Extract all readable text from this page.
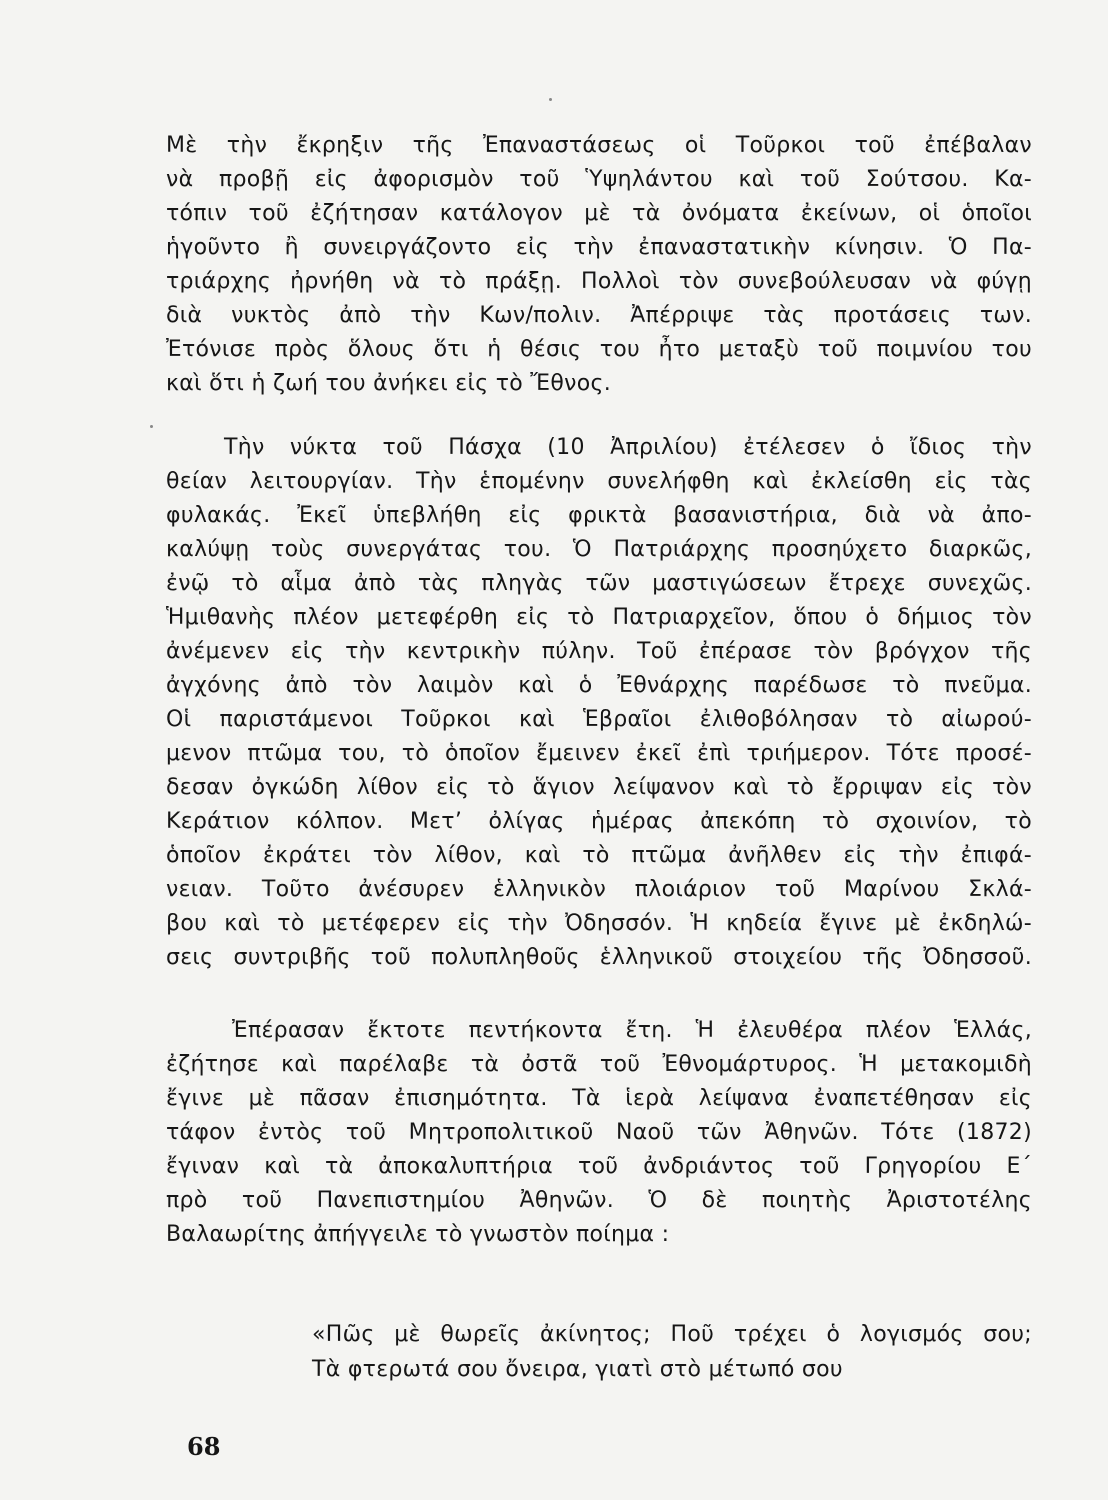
Μὲ τὴν ἔκρηξιν τῆς Ἐπαναστάσεως οἱ Τοῦρκοι τοῦ ἐπέβαλαν
νὰ προβῇ εἰς ἀφορισμὸν τοῦ Ὑψηλάντου καὶ τοῦ Σούτσου. Κα-
τόπιν τοῦ ἐζήτησαν κατάλογον μὲ τὰ ὀνόματα ἐκείνων, οἱ ὁποῖοι
ἡγοῦντο ἢ συνειργάζοντο εἰς τὴν ἐπαναστατικὴν κίνησιν. Ὁ Πα-
τριάρχης ἠρνήθη νὰ τὸ πράξῃ. Πολλοὶ τὸν συνεβούλευσαν νὰ φύγῃ
διὰ νυκτὸς ἀπὸ τὴν Κων/πολιν. Ἀπέρριψε τὰς προτάσεις των.
Ἐτόνισε πρὸς ὅλους ὅτι ἡ θέσις του ἦτο μεταξὺ τοῦ ποιμνίου του
καὶ ὅτι ἡ ζωή του ἀνήκει εἰς τὸ Ἔθνος.
Τὴν νύκτα τοῦ Πάσχα (10 Ἀπριλίου) ἐτέλεσεν ὁ ἴδιος τὴν
θείαν λειτουργίαν. Τὴν ἑπομένην συνελήφθη καὶ ἐκλείσθη εἰς τὰς
φυλακάς. Ἐκεῖ ὑπεβλήθη εἰς φρικτὰ βασανιστήρια, διὰ νὰ ἀπο-
καλύψῃ τοὺς συνεργάτας του. Ὁ Πατριάρχης προσηύχετο διαρκῶς,
ἐνῷ τὸ αἷμα ἀπὸ τὰς πληγὰς τῶν μαστιγώσεων ἔτρεχε συνεχῶς.
Ἡμιθανὴς πλέον μετεφέρθη εἰς τὸ Πατριαρχεῖον, ὅπου ὁ δήμιος τὸν
ἀνέμενεν εἰς τὴν κεντρικὴν πύλην. Τοῦ ἐπέρασε τὸν βρόγχον τῆς
ἀγχόνης ἀπὸ τὸν λαιμὸν καὶ ὁ Ἐθνάρχης παρέδωσε τὸ πνεῦμα.
Οἱ παριστάμενοι Τοῦρκοι καὶ Ἑβραῖοι ἐλιθοβόλησαν τὸ αἰωρού-
μενον πτῶμα του, τὸ ὁποῖον ἔμεινεν ἐκεῖ ἐπὶ τριήμερον. Τότε προσέ-
δεσαν ὀγκώδη λίθον εἰς τὸ ἅγιον λείψανον καὶ τὸ ἔρριψαν εἰς τὸν
Κεράτιον κόλπον. Μετ’ ὀλίγας ἡμέρας ἀπεκόπη τὸ σχοινίον, τὸ
ὁποῖον ἐκράτει τὸν λίθον, καὶ τὸ πτῶμα ἀνῆλθεν εἰς τὴν ἐπιφά-
νειαν. Τοῦτο ἀνέσυρεν ἑλληνικὸν πλοιάριον τοῦ Μαρίνου Σκλά-
βου καὶ τὸ μετέφερεν εἰς τὴν Ὀδησσόν. Ἡ κηδεία ἔγινε μὲ ἐκδηλώ-
σεις συντριβῆς τοῦ πολυπληθοῦς ἑλληνικοῦ στοιχείου τῆς Ὀδησσοῦ.
Ἐπέρασαν ἔκτοτε πεντήκοντα ἔτη. Ἡ ἐλευθέρα πλέον Ἑλλάς,
ἐζήτησε καὶ παρέλαβε τὰ ὀστᾶ τοῦ Ἐθνομάρτυρος. Ἡ μετακομιδὴ
ἔγινε μὲ πᾶσαν ἐπισημότητα. Τὰ ἱερὰ λείψανα ἐναπετέθησαν εἰς
τάφον ἐντὸς τοῦ Μητροπολιτικοῦ Ναοῦ τῶν Ἀθηνῶν. Τότε (1872)
ἔγιναν καὶ τὰ ἀποκαλυπτήρια τοῦ ἀνδριάντος τοῦ Γρηγορίου Ε΄
πρὸ τοῦ Πανεπιστημίου Ἀθηνῶν. Ὁ δὲ ποιητὴς Ἀριστοτέλης
Βαλαωρίτης ἀπήγγειλε τὸ γνωστὸν ποίημα :
«Πῶς μὲ θωρεῖς ἀκίνητος; Ποῦ τρέχει ὁ λογισμός σου;
Τὰ φτερωτά σου ὄνειρα, γιατὶ στὸ μέτωπό σου
68
